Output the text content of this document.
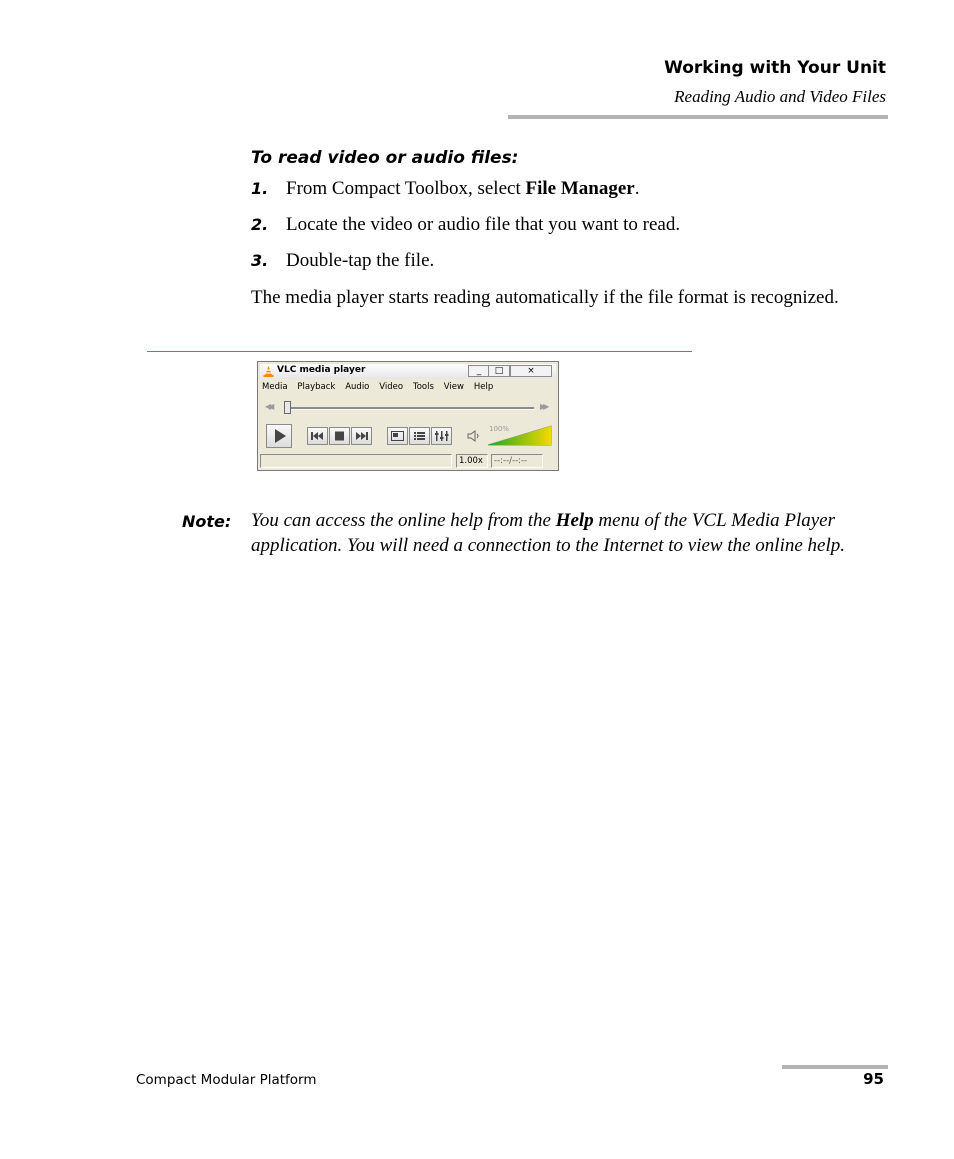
Working with Your Unit
Reading Audio and Video Files
To read video or audio files:
1. From Compact Toolbox, select File Manager.
2. Locate the video or audio file that you want to read.
3. Double-tap the file.
The media player starts reading automatically if the file format is recognized.
VLC media player	_	□	×
Media Playback Audio Video Tools View Help
◀◀	▶▶
100%
1.00x	--:--/--:--
Note: You can access the online help from the Help menu of the VCL Media Player application. You will need a connection to the Internet to view the online help.
Compact Modular Platform	95
